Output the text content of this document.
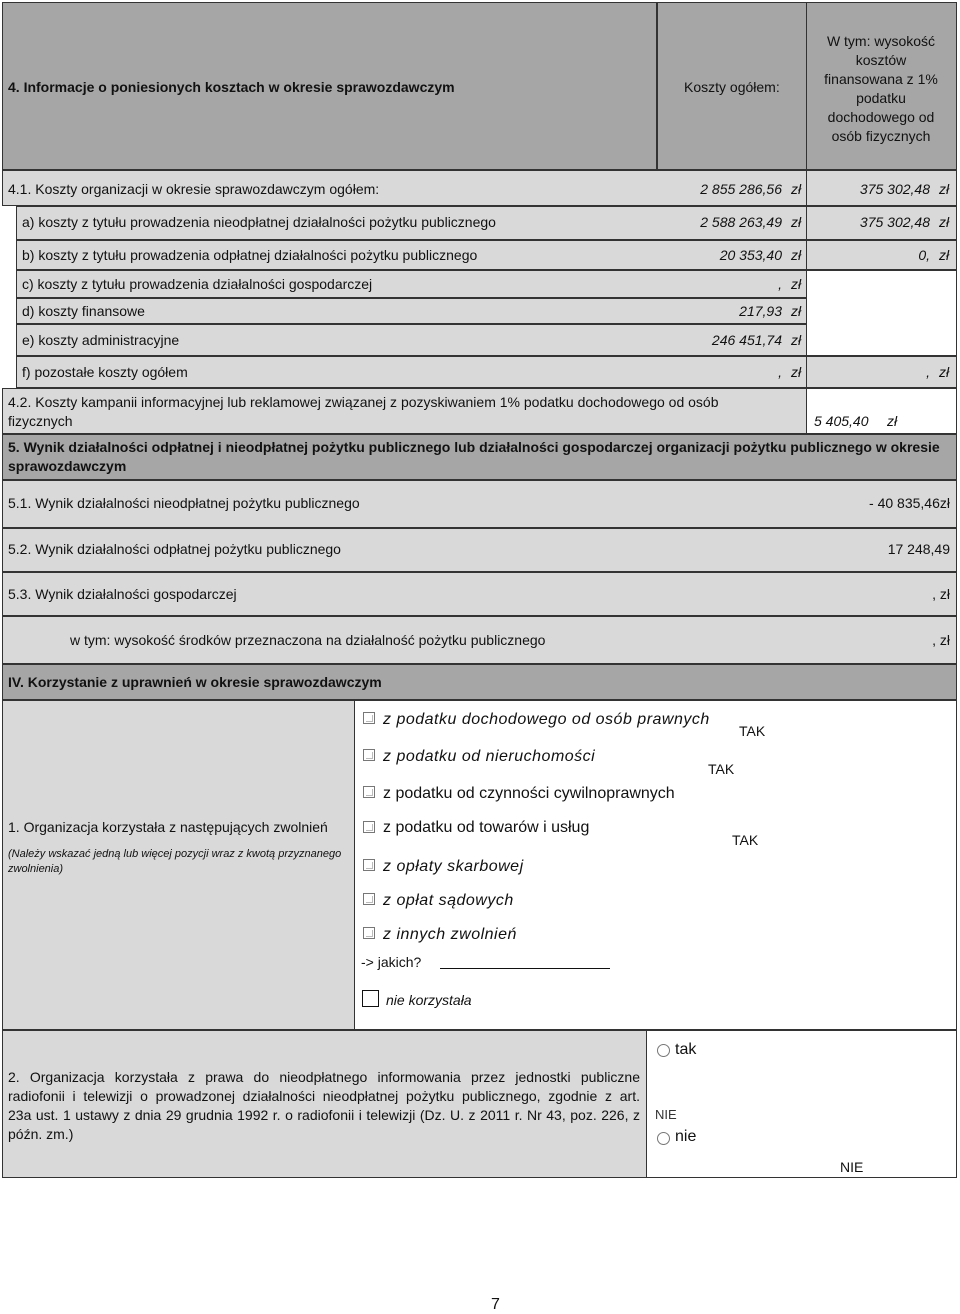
4. Informacje o poniesionych kosztach w okresie sprawozdawczym	Koszty ogółem:
W tym: wysokość
kosztów
finansowana z 1%
podatku
dochodowego od
osób fizycznych
4.1. Koszty organizacji w okresie sprawozdawczym ogółem:	2 855 286,56 zł	375 302,48 zł
a) koszty z tytułu prowadzenia nieodpłatnej działalności pożytku publicznego	2 588 263,49 zł	375 302,48 zł
b) koszty z tytułu prowadzenia odpłatnej działalności pożytku publicznego	20 353,40 zł	0, zł
c) koszty z tytułu prowadzenia działalności gospodarczej	, zł
d) koszty finansowe	217,93 zł
e) koszty administracyjne	246 451,74 zł
f) pozostałe koszty ogółem	, zł	, zł
4.2. Koszty kampanii informacyjnej lub reklamowej związanej z pozyskiwaniem 1% podatku dochodowego od osób
fizycznych	5 405,40 zł
5. Wynik działalności odpłatnej i nieodpłatnej pożytku publicznego lub działalności gospodarczej organizacji pożytku publicznego w okresie
sprawozdawczym
5.1. Wynik działalności nieodpłatnej pożytku publicznego	- 40 835,46zł
5.2. Wynik działalności odpłatnej pożytku publicznego	17 248,49
5.3. Wynik działalności gospodarczej	, zł
w tym: wysokość środków przeznaczona na działalność pożytku publicznego	, zł
IV. Korzystanie z uprawnień w okresie sprawozdawczym
1. Organizacja korzystała z następujących zwolnień
(Należy wskazać jedną lub więcej pozycji wraz z kwotą przyznanego
zwolnienia)
z podatku dochodowego od osób prawnych
TAK
z podatku od nieruchomości
TAK
z podatku od czynności cywilnoprawnych
z podatku od towarów i usług
TAK
z opłaty skarbowej
z opłat sądowych
z innych zwolnień
-> jakich?
nie korzystała
2. Organizacja korzystała z prawa do nieodpłatnego informowania przez jednostki publiczne
radiofonii i telewizji o prowadzonej działalności nieodpłatnej pożytku publicznego, zgodnie z art.
23a ust. 1 ustawy z dnia 29 grudnia 1992 r. o radiofonii i telewizji (Dz. U. z 2011 r. Nr 43, poz. 226, z
późn. zm.)
tak
NIE
nie
NIE
7
